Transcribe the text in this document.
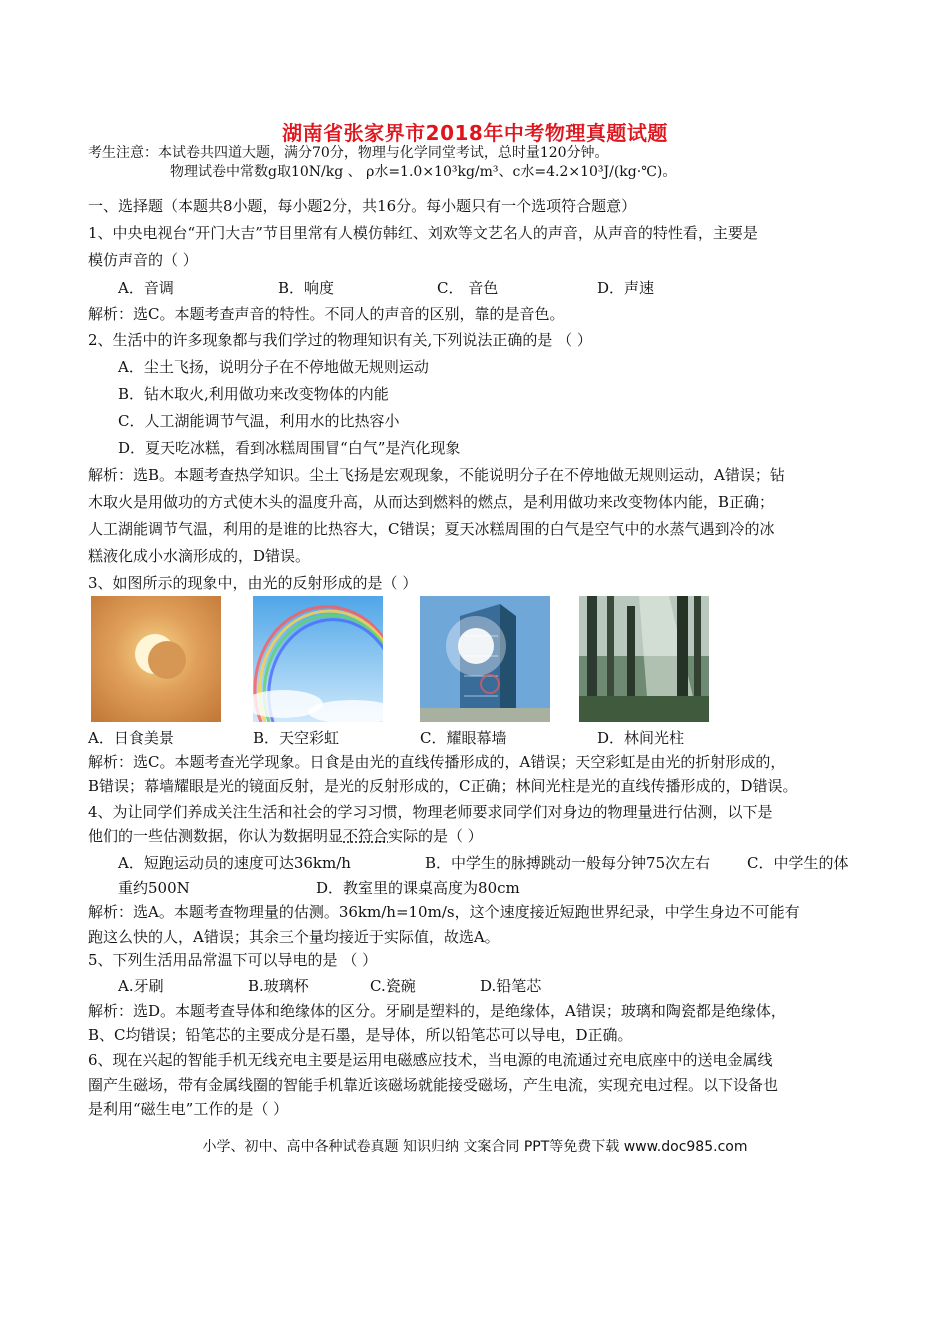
湖南省张家界市2018年中考物理真题试题
考生注意：本试卷共四道大题，满分70分，物理与化学同堂考试，总时量120分钟。
物理试卷中常数g取10N/kg 、 ρ水=1.0×10³kg/m³、c水=4.2×10³J/(kg·℃)。
一、选择题（本题共8小题，每小题2分，共16分。每小题只有一个选项符合题意）
1、中央电视台“开门大吉”节目里常有人模仿韩红、刘欢等文艺名人的声音，从声音的特性看，主要是
模仿声音的（ ）
A．音调	B．响度	C． 音色	D．声速
解析：选C。本题考查声音的特性。不同人的声音的区别，靠的是音色。
2、生活中的许多现象都与我们学过的物理知识有关,下列说法正确的是 （ ）
A．尘土飞扬，说明分子在不停地做无规则运动
B．钻木取火,利用做功来改变物体的内能
C．人工湖能调节气温，利用水的比热容小
D．夏天吃冰糕，看到冰糕周围冒“白气”是汽化现象
解析：选B。本题考查热学知识。尘土飞扬是宏观现象，不能说明分子在不停地做无规则运动，A错误；钻
木取火是用做功的方式使木头的温度升高，从而达到燃料的燃点，是利用做功来改变物体内能，B正确；
人工湖能调节气温，利用的是谁的比热容大，C错误；夏天冰糕周围的白气是空气中的水蒸气遇到冷的冰
糕液化成小水滴形成的，D错误。
3、如图所示的现象中，由光的反射形成的是（ ）
A．日食美景	B．天空彩虹	C．耀眼幕墙	D．林间光柱
解析：选C。本题考查光学现象。日食是由光的直线传播形成的，A错误；天空彩虹是由光的折射形成的，
B错误；幕墙耀眼是光的镜面反射，是光的反射形成的，C正确；林间光柱是光的直线传播形成的，D错误。
4、为让同学们养成关注生活和社会的学习习惯，物理老师要求同学们对身边的物理量进行估测，以下是
他们的一些估测数据，你认为数据明显不符合实际的是（ ）
A．短跑运动员的速度可达36km/h	B．中学生的脉搏跳动一般每分钟75次左右 C．中学生的体
重约500N	D．教室里的课桌高度为80cm
解析：选A。本题考查物理量的估测。36km/h=10m/s，这个速度接近短跑世界纪录，中学生身边不可能有
跑这么快的人，A错误；其余三个量均接近于实际值，故选A。
5、下列生活用品常温下可以导电的是 （ ）
A.牙刷	B.玻璃杯	C.瓷碗	D.铅笔芯
解析：选D。本题考查导体和绝缘体的区分。牙刷是塑料的，是绝缘体，A错误；玻璃和陶瓷都是绝缘体，
B、C均错误；铅笔芯的主要成分是石墨，是导体，所以铅笔芯可以导电，D正确。
6、现在兴起的智能手机无线充电主要是运用电磁感应技术，当电源的电流通过充电底座中的送电金属线
圈产生磁场，带有金属线圈的智能手机靠近该磁场就能接受磁场，产生电流，实现充电过程。以下设备也
是利用“磁生电”工作的是（ ）
小学、初中、高中各种试卷真题 知识归纳 文案合同 PPT等免费下载 www.doc985.com
